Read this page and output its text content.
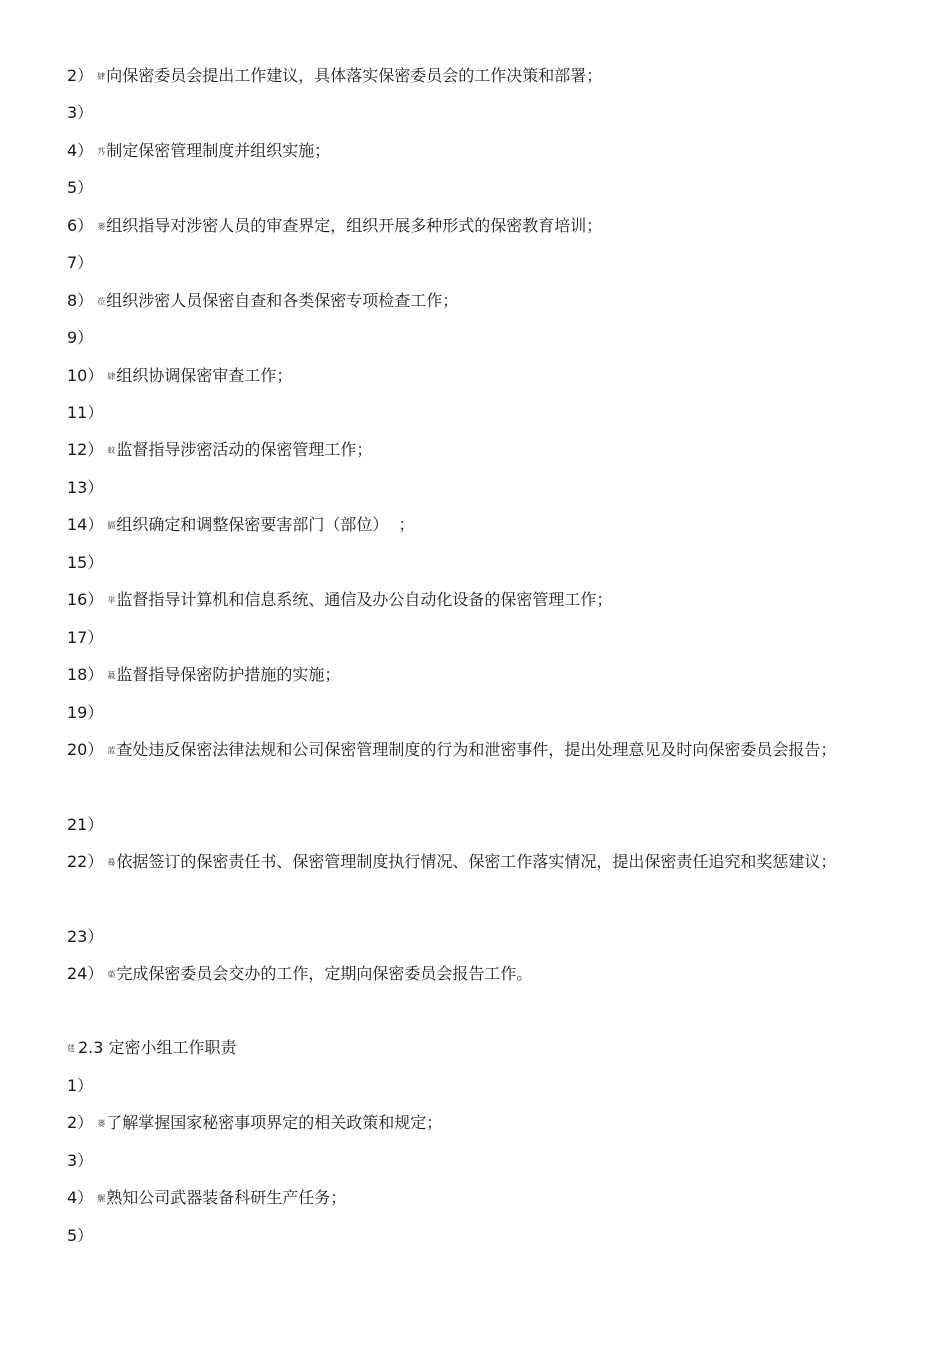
2） 肄向保密委员会提出工作建议，具体落实保密委员会的工作决策和部署；
3）
4） 艿制定保密管理制度并组织实施；
5）
6） 蒌组织指导对涉密人员的审查界定，组织开展多种形式的保密教育培训；
7）
8） 莅组织涉密人员保密自查和各类保密专项检查工作；
9）
10） 肄组织协调保密审查工作；
11）
12） 蚊监督指导涉密活动的保密管理工作；
13）
14） 膈组织确定和调整保密要害部门（部位）  ；
15）
16） 芈监督指导计算机和信息系统、通信及办公自动化设备的保密管理工作；
17）
18） 蕞监督指导保密防护措施的实施；
19）
20） 蓝查处违反保密法律法规和公司保密管理制度的行为和泄密事件，提出处理意见及时向保密委员会报告；
21）
22） 蓦依据签订的保密责任书、保密管理制度执行情况、保密工作落实情况，提出保密责任追究和奖惩建议；
23）
24） 蒅完成保密委员会交办的工作，定期向保密委员会报告工作。
莛 2.3 定密小组工作职责
1）
2） 蒌了解掌握国家秘密事项界定的相关政策和规定；
3）
4） 艉熟知公司武器装备科研生产任务；
5）
